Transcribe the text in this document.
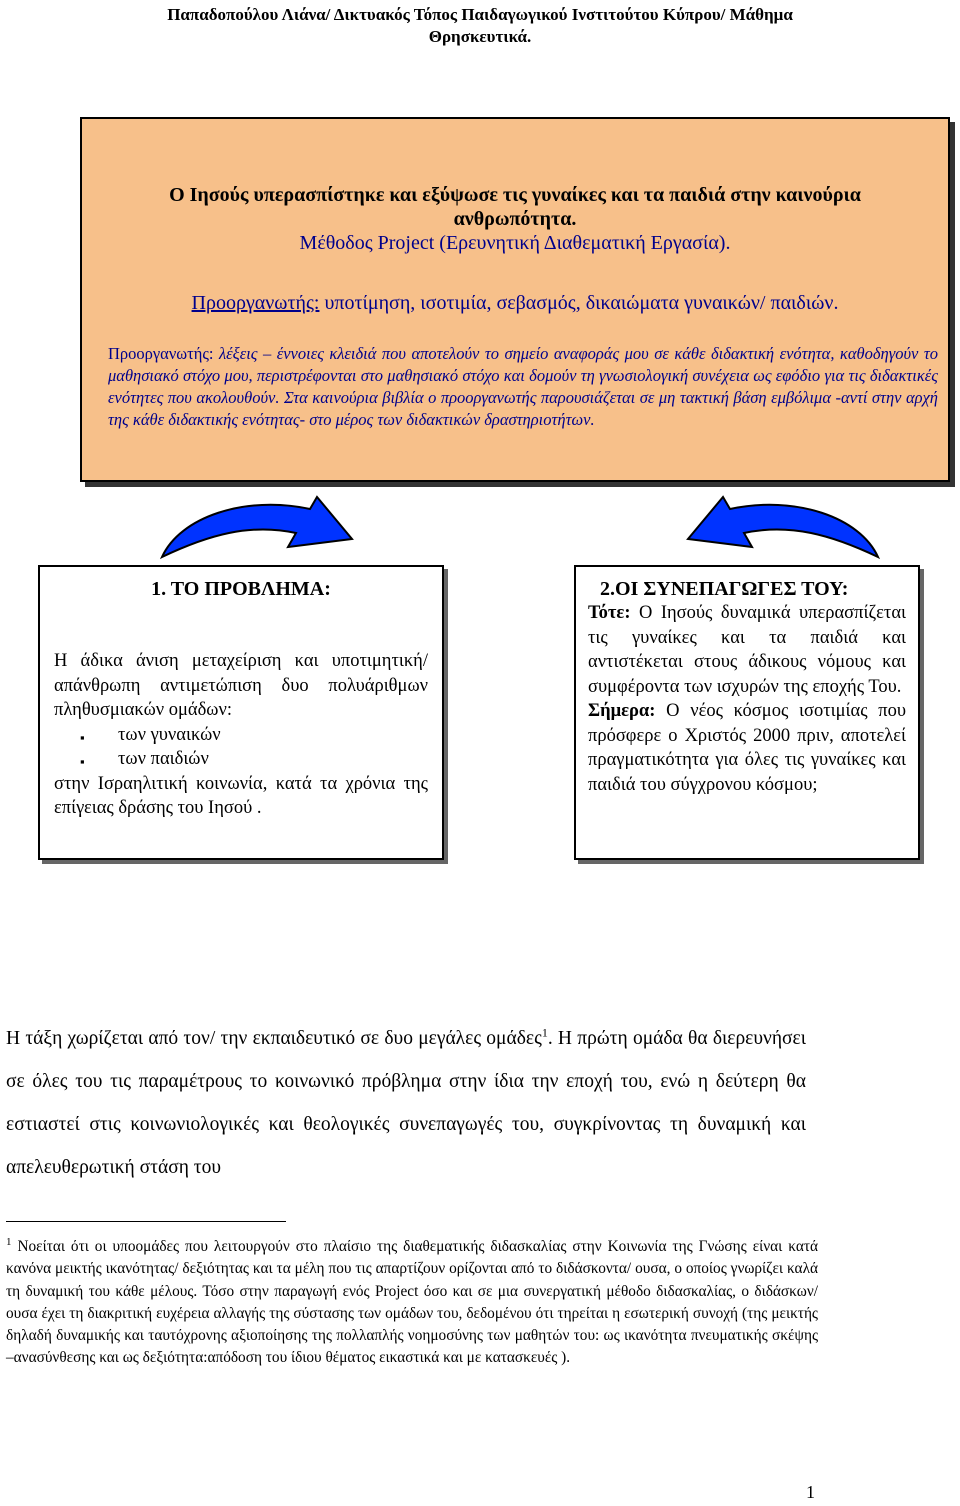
Παπαδοπούλου Λιάνα/ Δικτυακός Τόπος Παιδαγωγικού Ινστιτούτου Κύπρου/ Μάθημα
Θρησκευτικά.
Ο Ιησούς υπερασπίστηκε και εξύψωσε τις γυναίκες και τα παιδιά στην καινούρια
ανθρωπότητα.
Μέθοδος Project (Ερευνητική Διαθεματική Εργασία).
Προοργανωτής: υποτίμηση, ισοτιμία, σεβασμός, δικαιώματα γυναικών/ παιδιών.
Προοργανωτής: λέξεις – έννοιες κλειδιά που αποτελούν το σημείο αναφοράς μου σε κάθε διδακτική ενότητα, καθοδηγούν το μαθησιακό στόχο μου, περιστρέφονται στο μαθησιακό στόχο και δομούν τη γνωσιολογική συνέχεια ως εφόδιο για τις διδακτικές ενότητες που ακολουθούν. Στα καινούρια βιβλία ο προοργανωτής παρουσιάζεται σε μη τακτική βάση εμβόλιμα -αντί στην αρχή της κάθε διδακτικής ενότητας- στο μέρος των διδακτικών δραστηριοτήτων.
1. ΤΟ ΠΡΟΒΛΗΜΑ:
Η άδικα άνιση μεταχείριση και υποτιμητική/ απάνθρωπη αντιμετώπιση δυο πολυάριθμων πληθυσμιακών ομάδων:
▪ των γυναικών
▪ των παιδιών
στην Ισραηλιτική κοινωνία, κατά τα χρόνια της επίγειας δράσης του Ιησού .
2.ΟΙ ΣΥΝΕΠΑΓΩΓΕΣ ΤΟΥ:
Τότε: Ο Ιησούς δυναμικά υπερασπίζεται τις γυναίκες και τα παιδιά και αντιστέκεται στους άδικους νόμους και συμφέροντα των ισχυρών της εποχής Του.
Σήμερα: Ο νέος κόσμος ισοτιμίας που πρόσφερε ο Χριστός 2000 πριν, αποτελεί πραγματικότητα για όλες τις γυναίκες και παιδιά του σύγχρονου κόσμου;
Η τάξη χωρίζεται από τον/ την εκπαιδευτικό σε δυο μεγάλες ομάδες$^1$. Η πρώτη ομάδα θα διερευνήσει σε όλες του τις παραμέτρους το κοινωνικό πρόβλημα στην ίδια την εποχή του, ενώ η δεύτερη θα εστιαστεί στις κοινωνιολογικές και θεολογικές συνεπαγωγές του, συγκρίνοντας τη δυναμική και απελευθερωτική στάση του
$^1$ Νοείται ότι οι υποομάδες που λειτουργούν στο πλαίσιο της διαθεματικής διδασκαλίας στην Κοινωνία της Γνώσης είναι κατά κανόνα μεικτής ικανότητας/ δεξιότητας και τα μέλη που τις απαρτίζουν ορίζονται από το διδάσκοντα/ ουσα, ο οποίος γνωρίζει καλά τη δυναμική του κάθε μέλους. Τόσο στην παραγωγή ενός Project όσο και σε μια συνεργατική μέθοδο διδασκαλίας, ο διδάσκων/ ουσα έχει τη διακριτική ευχέρεια αλλαγής της σύστασης των ομάδων του, δεδομένου ότι τηρείται η εσωτερική συνοχή (της μεικτής δηλαδή δυναμικής και ταυτόχρονης αξιοποίησης της πολλαπλής νοημοσύνης των μαθητών του: ως ικανότητα πνευματικής σκέψης –ανασύνθεσης και ως δεξιότητα:απόδοση του ίδιου θέματος εικαστικά και με κατασκευές ).
1
